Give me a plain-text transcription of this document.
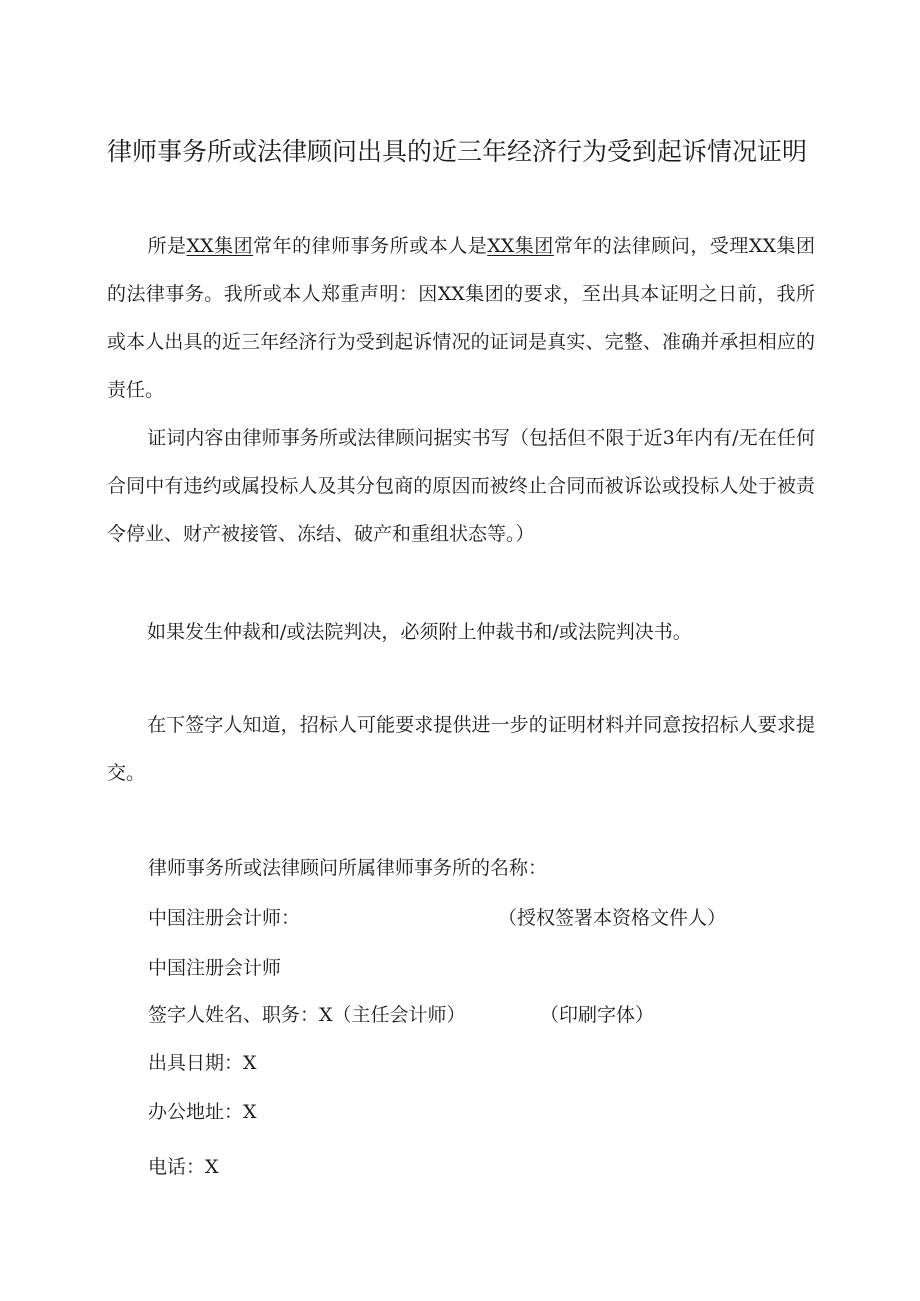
律师事务所或法律顾问出具的近三年经济行为受到起诉情况证明
所是XX集团常年的律师事务所或本人是XX集团常年的法律顾问，受理XX集团的法律事务。我所或本人郑重声明：因XX集团的要求，至出具本证明之日前，我所或本人出具的近三年经济行为受到起诉情况的证词是真实、完整、准确并承担相应的责任。
证词内容由律师事务所或法律顾问据实书写（包括但不限于近3年内有/无在任何合同中有违约或属投标人及其分包商的原因而被终止合同而被诉讼或投标人处于被责令停业、财产被接管、冻结、破产和重组状态等。）
如果发生仲裁和/或法院判决，必须附上仲裁书和/或法院判决书。
在下签字人知道，招标人可能要求提供进一步的证明材料并同意按招标人要求提交。
律师事务所或法律顾问所属律师事务所的名称：
中国注册会计师：	（授权签署本资格文件人）
中国注册会计师
签字人姓名、职务：X（主任会计师）	（印刷字体）
出具日期：X
办公地址：X
电话：X
